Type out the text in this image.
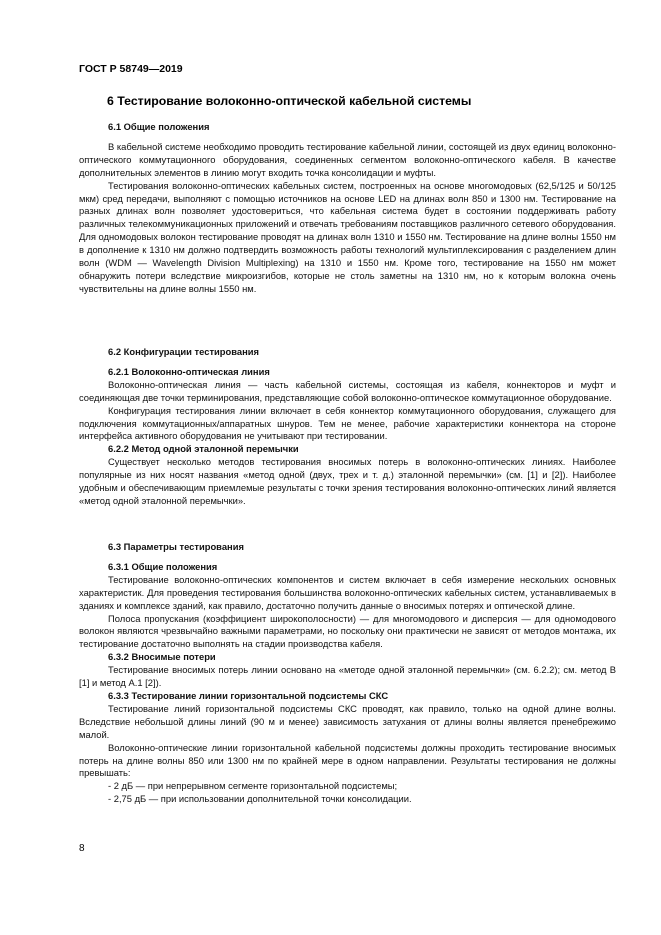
ГОСТ Р 58749—2019
6 Тестирование волоконно-оптической кабельной системы

6.1 Общие положения

В кабельной системе необходимо проводить тестирование кабельной линии, состоящей из двух единиц волоконно-оптического коммутационного оборудования, соединенных сегментом волоконно-оптического кабеля. В качестве дополнительных элементов в линию могут входить точка консолидации и муфты.

Тестирования волоконно-оптических кабельных систем, построенных на основе многомодовых (62,5/125 и 50/125 мкм) сред передачи, выполняют с помощью источников на основе LED на длинах волн 850 и 1300 нм. Тестирование на разных длинах волн позволяет удостовериться, что кабельная система будет в состоянии поддерживать работу различных телекоммуникационных приложений и отвечать требованиям поставщиков различного сетевого оборудования. Для одномодовых волокон тестирование проводят на длинах волн 1310 и 1550 нм. Тестирование на длине волны 1550 нм в дополнение к 1310 нм должно подтвердить возможность работы технологий мультиплексирования с разделением длин волн (WDM — Wavelength Division Multiplexing) на 1310 и 1550 нм. Кроме того, тестирование на 1550 нм может обнаружить потери вследствие микроизгибов, которые не столь заметны на 1310 нм, но к которым волокна очень чувствительны на длине волны 1550 нм.

6.2 Конфигурации тестирования

6.2.1 Волоконно-оптическая линия

Волоконно-оптическая линия — часть кабельной системы, состоящая из кабеля, коннекторов и муфт и соединяющая две точки терминирования, представляющие собой волоконно-оптическое коммутационное оборудование.

Конфигурация тестирования линии включает в себя коннектор коммутационного оборудования, служащего для подключения коммутационных/аппаратных шнуров. Тем не менее, рабочие характеристики коннектора на стороне интерфейса активного оборудования не учитывают при тестировании.

6.2.2 Метод одной эталонной перемычки

Существует несколько методов тестирования вносимых потерь в волоконно-оптических линиях. Наиболее популярные из них носят названия «метод одной (двух, трех и т. д.) эталонной перемычки» (см. [1] и [2]). Наиболее удобным и обеспечивающим приемлемые результаты с точки зрения тестирования волоконно-оптических линий является «метод одной эталонной перемычки».

6.3 Параметры тестирования

6.3.1 Общие положения

Тестирование волоконно-оптических компонентов и систем включает в себя измерение нескольких основных характеристик. Для проведения тестирования большинства волоконно-оптических кабельных систем, устанавливаемых в зданиях и комплексе зданий, как правило, достаточно получить данные о вносимых потерях и оптической длине.

Полоса пропускания (коэффициент широкополосности) — для многомодового и дисперсия — для одномодового волокон являются чрезвычайно важными параметрами, но поскольку они практически не зависят от методов монтажа, их тестирование достаточно выполнять на стадии производства кабеля.

6.3.2 Вносимые потери

Тестирование вносимых потерь линии основано на «методе одной эталонной перемычки» (см. 6.2.2); см. метод В [1] и метод А.1 [2]).

6.3.3 Тестирование линии горизонтальной подсистемы СКС

Тестирование линий горизонтальной подсистемы СКС проводят, как правило, только на одной длине волны. Вследствие небольшой длины линий (90 м и менее) зависимость затухания от длины волны является пренебрежимо малой.

Волоконно-оптические линии горизонтальной кабельной подсистемы должны проходить тестирование вносимых потерь на длине волны 850 или 1300 нм по крайней мере в одном направлении. Результаты тестирования не должны превышать:

- 2 дБ — при непрерывном сегменте горизонтальной подсистемы;

- 2,75 дБ — при использовании дополнительной точки консолидации.

8
